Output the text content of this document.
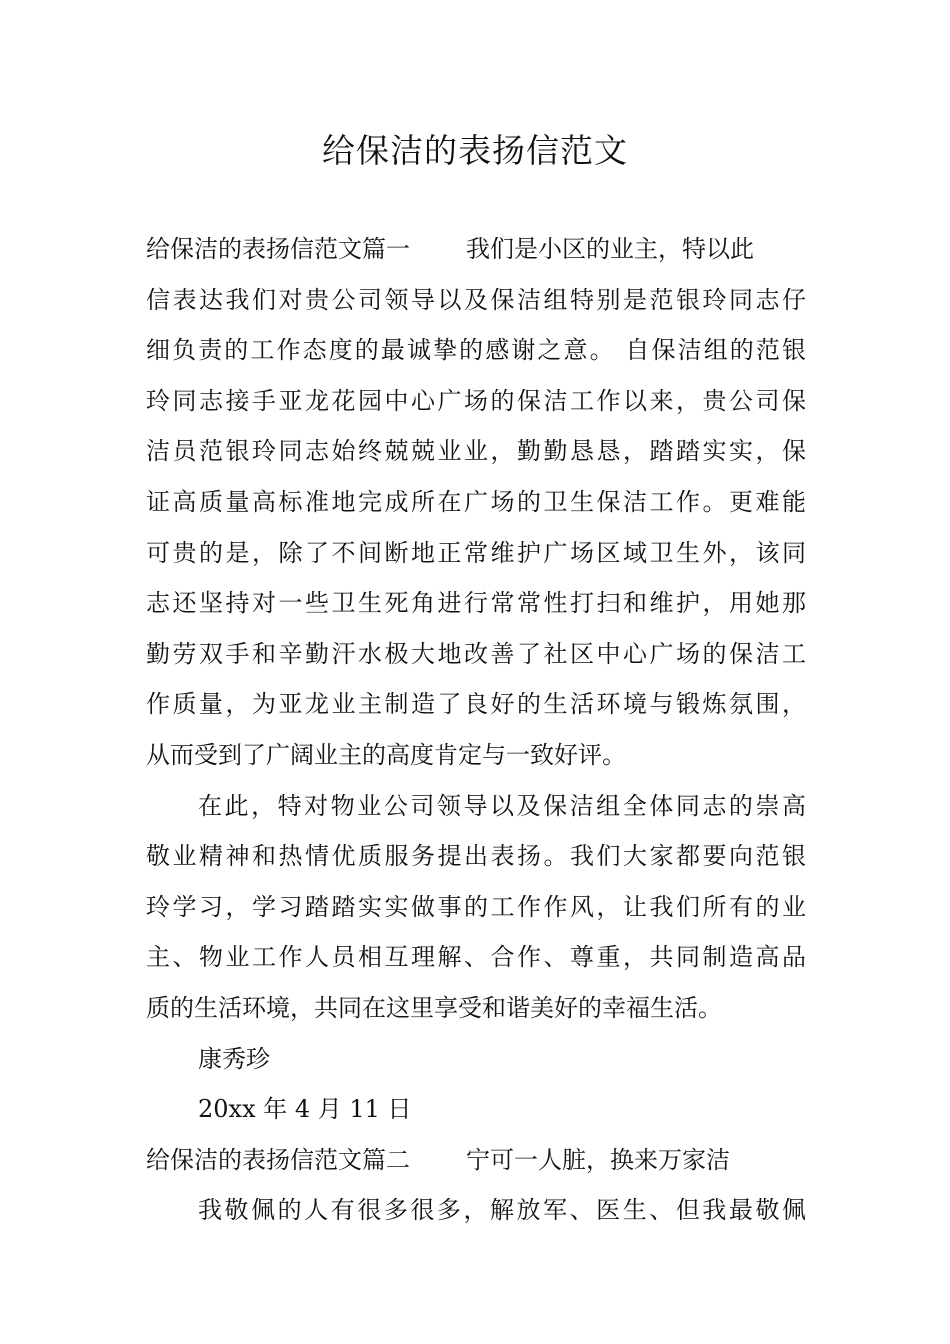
给保洁的表扬信范文
给保洁的表扬信范文篇一 我们是小区的业主，特以此
信表达我们对贵公司领导以及保洁组特别是范银玲同志仔
细负责的工作态度的最诚挚的感谢之意。 自保洁组的范银
玲同志接手亚龙花园中心广场的保洁工作以来，贵公司保
洁员范银玲同志始终兢兢业业，勤勤恳恳，踏踏实实，保
证高质量高标准地完成所在广场的卫生保洁工作。更难能
可贵的是，除了不间断地正常维护广场区域卫生外，该同
志还坚持对一些卫生死角进行常常性打扫和维护，用她那
勤劳双手和辛勤汗水极大地改善了社区中心广场的保洁工
作质量，为亚龙业主制造了良好的生活环境与锻炼氛围，
从而受到了广阔业主的高度肯定与一致好评。
在此，特对物业公司领导以及保洁组全体同志的崇高
敬业精神和热情优质服务提出表扬。我们大家都要向范银
玲学习，学习踏踏实实做事的工作作风，让我们所有的业
主、物业工作人员相互理解、合作、尊重，共同制造高品
质的生活环境，共同在这里享受和谐美好的幸福生活。
康秀珍
20xx 年 4 月 11 日
给保洁的表扬信范文篇二 宁可一人脏，换来万家洁
我敬佩的人有很多很多，解放军、医生、但我最敬佩
